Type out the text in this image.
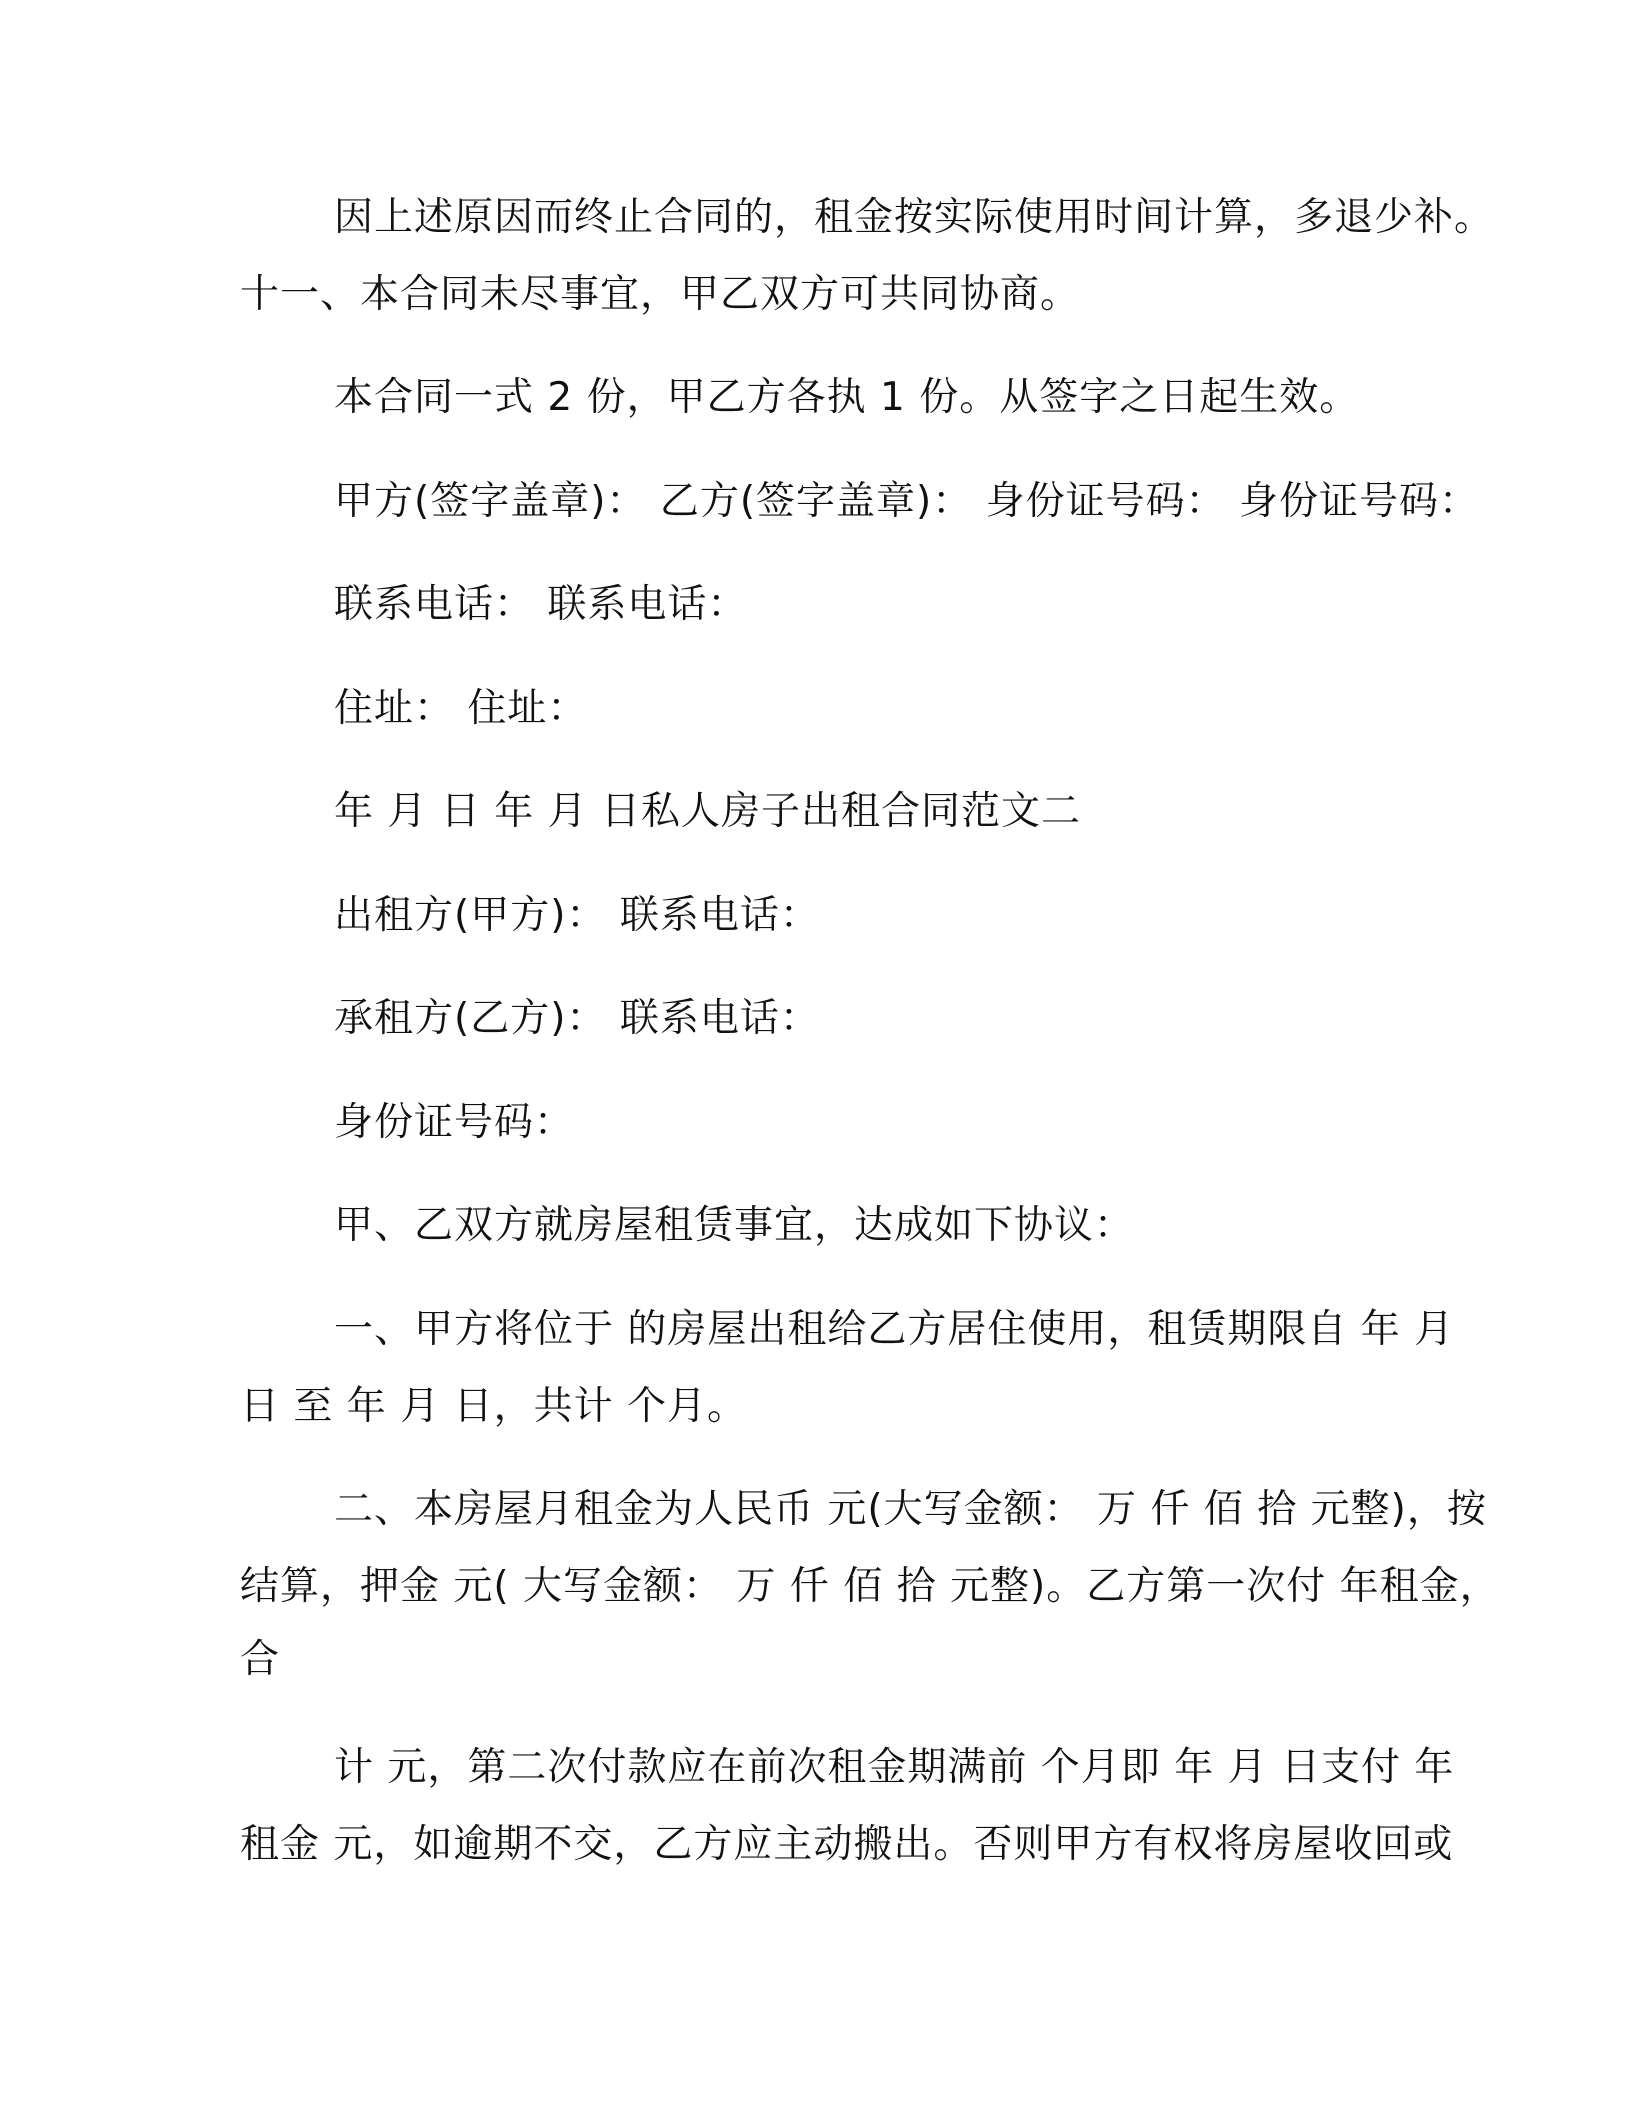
因上述原因而终止合同的，租金按实际使用时间计算，多退少补。
十一、本合同未尽事宜，甲乙双方可共同协商。
本合同一式 2 份，甲乙方各执 1 份。从签字之日起生效。
甲方(签字盖章)： 乙方(签字盖章)： 身份证号码： 身份证号码：
联系电话： 联系电话：
住址： 住址：
年 月 日 年 月 日私人房子出租合同范文二
出租方(甲方)： 联系电话：
承租方(乙方)： 联系电话：
身份证号码：
甲、乙双方就房屋租赁事宜，达成如下协议：
一、甲方将位于 的房屋出租给乙方居住使用，租赁期限自 年 月
日 至 年 月 日，共计 个月。
二、本房屋月租金为人民币 元(大写金额： 万 仟 佰 拾 元整)，按
结算，押金 元( 大写金额： 万 仟 佰 拾 元整)。乙方第一次付 年租金，
合
计 元，第二次付款应在前次租金期满前 个月即 年 月 日支付 年
租金 元，如逾期不交，乙方应主动搬出。否则甲方有权将房屋收回或
